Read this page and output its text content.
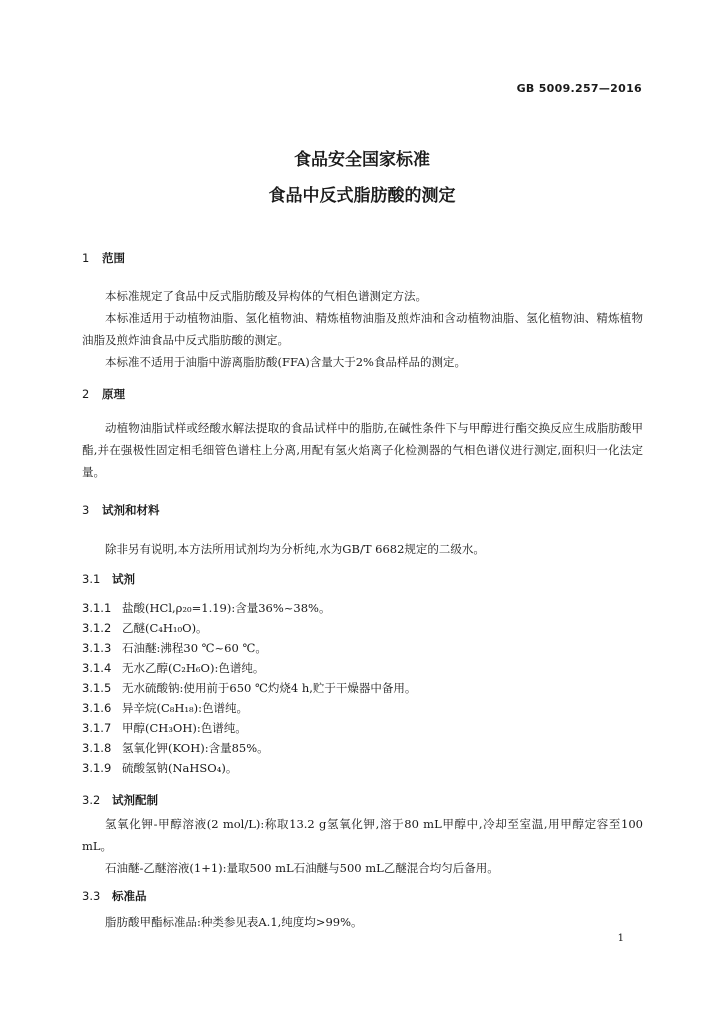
GB 5009.257—2016
食品安全国家标准
食品中反式脂肪酸的测定
1 范围
本标准规定了食品中反式脂肪酸及异构体的气相色谱测定方法。
本标准适用于动植物油脂、氢化植物油、精炼植物油脂及煎炸油和含动植物油脂、氢化植物油、精炼植物油脂及煎炸油食品中反式脂肪酸的测定。
本标准不适用于油脂中游离脂肪酸(FFA)含量大于2%食品样品的测定。
2 原理
动植物油脂试样或经酸水解法提取的食品试样中的脂肪,在碱性条件下与甲醇进行酯交换反应生成脂肪酸甲酯,并在强极性固定相毛细管色谱柱上分离,用配有氢火焰离子化检测器的气相色谱仪进行测定,面积归一化法定量。
3 试剂和材料
除非另有说明,本方法所用试剂均为分析纯,水为GB/T 6682规定的二级水。
3.1 试剂
3.1.1 盐酸(HCl,ρ₂₀=1.19):含量36%~38%。
3.1.2 乙醚(C₄H₁₀O)。
3.1.3 石油醚:沸程30 ℃~60 ℃。
3.1.4 无水乙醇(C₂H₆O):色谱纯。
3.1.5 无水硫酸钠:使用前于650 ℃灼烧4 h,贮于干燥器中备用。
3.1.6 异辛烷(C₈H₁₈):色谱纯。
3.1.7 甲醇(CH₃OH):色谱纯。
3.1.8 氢氧化钾(KOH):含量85%。
3.1.9 硫酸氢钠(NaHSO₄)。
3.2 试剂配制
氢氧化钾-甲醇溶液(2 mol/L):称取13.2 g氢氧化钾,溶于80 mL甲醇中,冷却至室温,用甲醇定容至100 mL。
石油醚-乙醚溶液(1+1):量取500 mL石油醚与500 mL乙醚混合均匀后备用。
3.3 标准品
脂肪酸甲酯标准品:种类参见表A.1,纯度均>99%。
1
